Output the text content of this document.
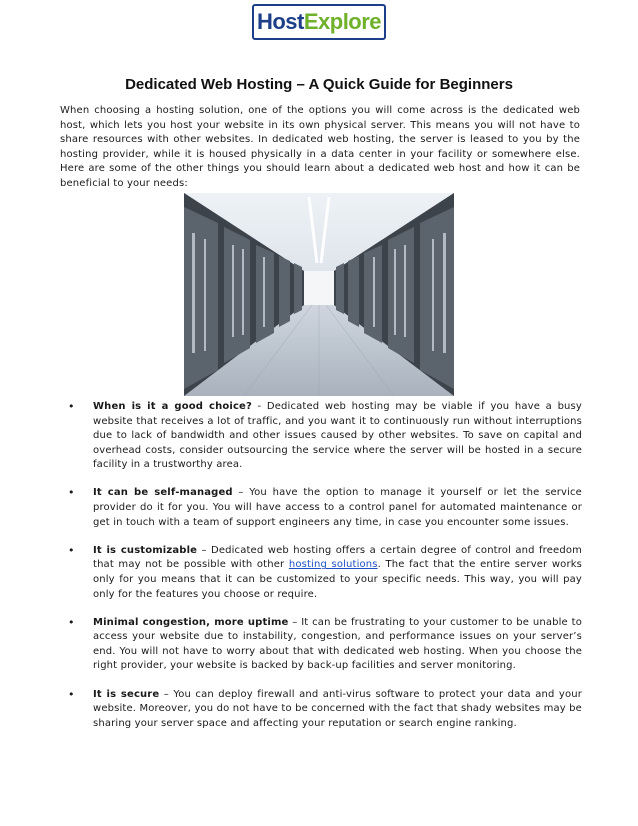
Host Explore
Dedicated Web Hosting – A Quick Guide for Beginners

When choosing a hosting solution, one of the options you will come across is the dedicated web host, which lets you host your website in its own physical server. This means you will not have to share resources with other websites. In dedicated web hosting, the server is leased to you by the hosting provider, while it is housed physically in a data center in your facility or somewhere else. Here are some of the other things you should learn about a dedicated web host and how it can be beneficial to your needs:

• When is it a good choice? - Dedicated web hosting may be viable if you have a busy website that receives a lot of traffic, and you want it to continuously run without interruptions due to lack of bandwidth and other issues caused by other websites. To save on capital and overhead costs, consider outsourcing the service where the server will be hosted in a secure facility in a trustworthy area.
• It can be self-managed – You have the option to manage it yourself or let the service provider do it for you. You will have access to a control panel for automated maintenance or get in touch with a team of support engineers any time, in case you encounter some issues.
• It is customizable – Dedicated web hosting offers a certain degree of control and freedom that may not be possible with other hosting solutions. The fact that the entire server works only for you means that it can be customized to your specific needs. This way, you will pay only for the features you choose or require.
• Minimal congestion, more uptime – It can be frustrating to your customer to be unable to access your website due to instability, congestion, and performance issues on your server’s end. You will not have to worry about that with dedicated web hosting. When you choose the right provider, your website is backed by back-up facilities and server monitoring.
• It is secure – You can deploy firewall and anti-virus software to protect your data and your website. Moreover, you do not have to be concerned with the fact that shady websites may be sharing your server space and affecting your reputation or search engine ranking.
